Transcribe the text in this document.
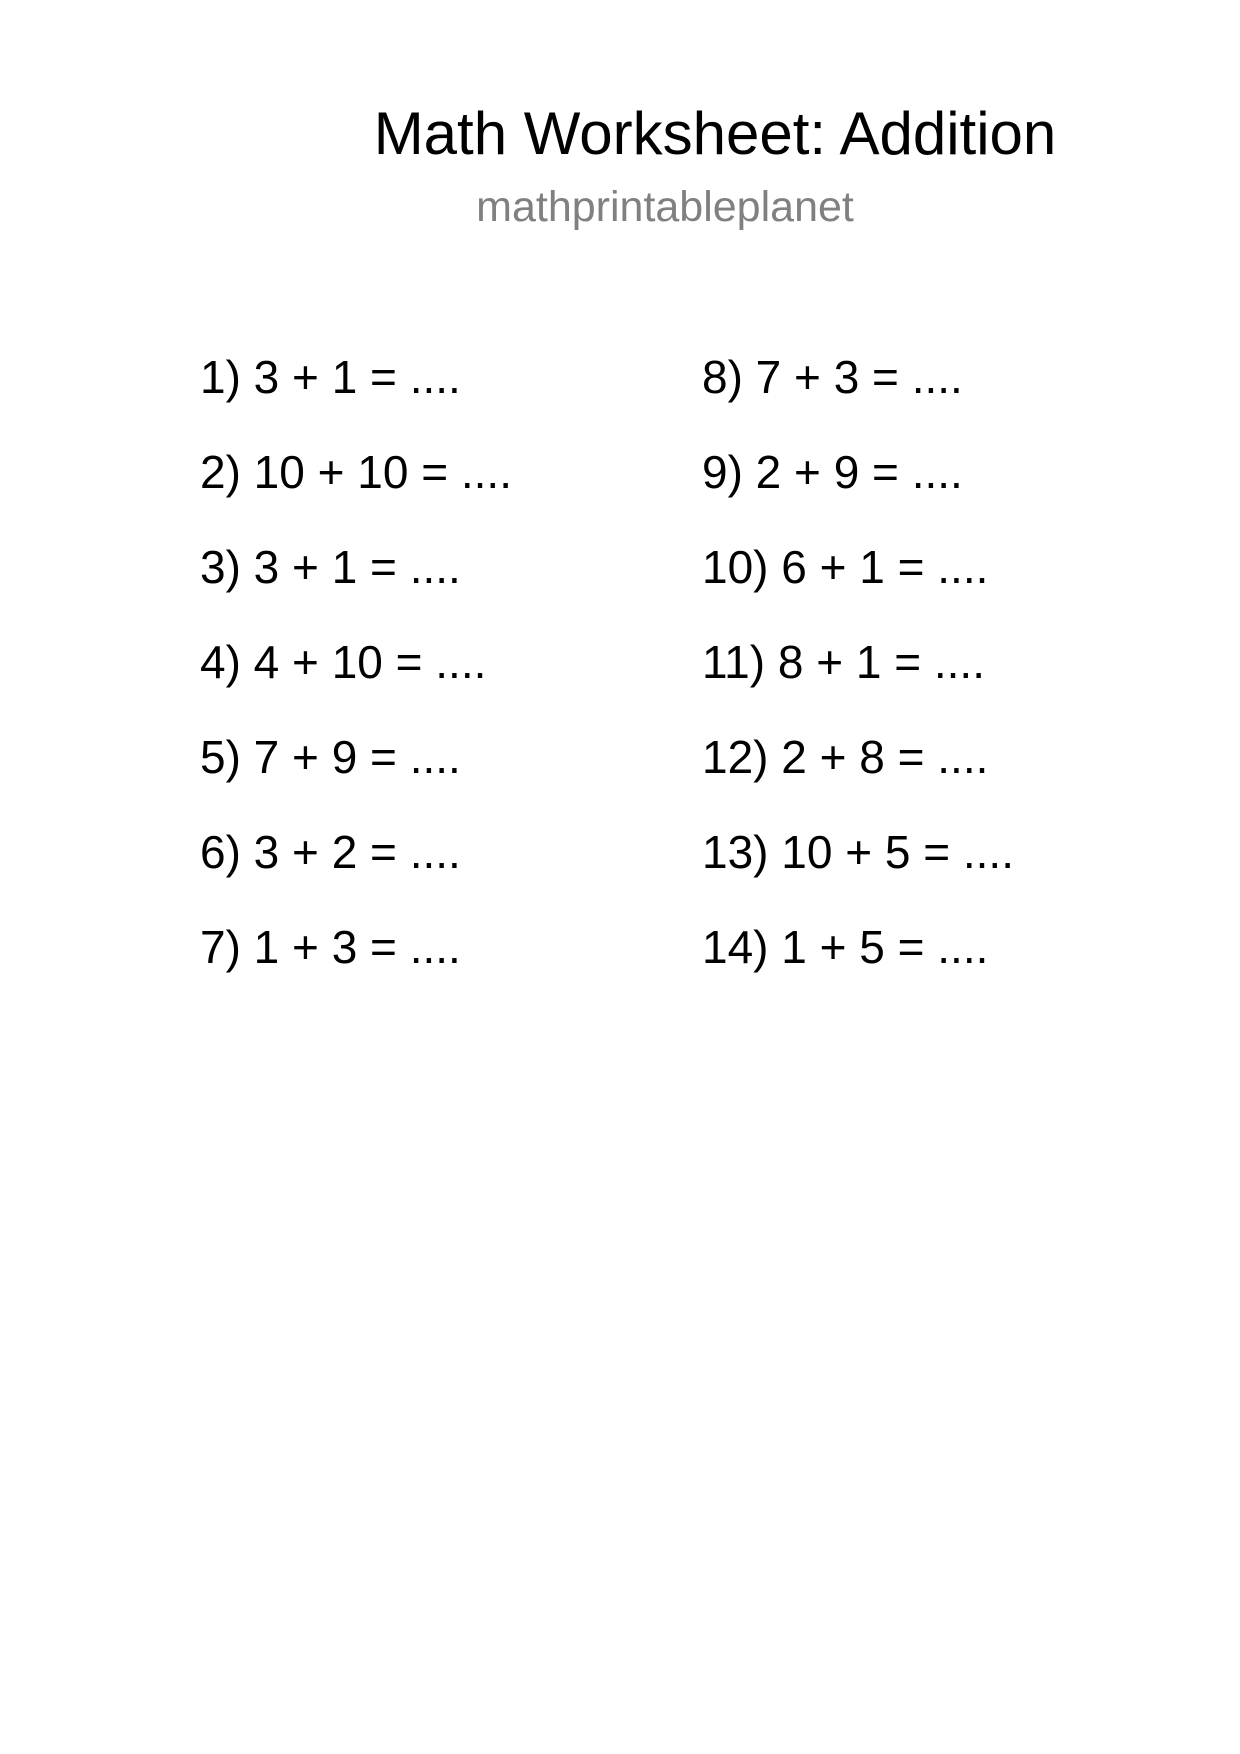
Math Worksheet: Addition
mathprintableplanet
1) 3 + 1 = ....
2) 10 + 10 = ....
3) 3 + 1 = ....
4) 4 + 10 = ....
5) 7 + 9 = ....
6) 3 + 2 = ....
7) 1 + 3 = ....
8) 7 + 3 = ....
9) 2 + 9 = ....
10) 6 + 1 = ....
11) 8 + 1 = ....
12) 2 + 8 = ....
13) 10 + 5 = ....
14) 1 + 5 = ....
